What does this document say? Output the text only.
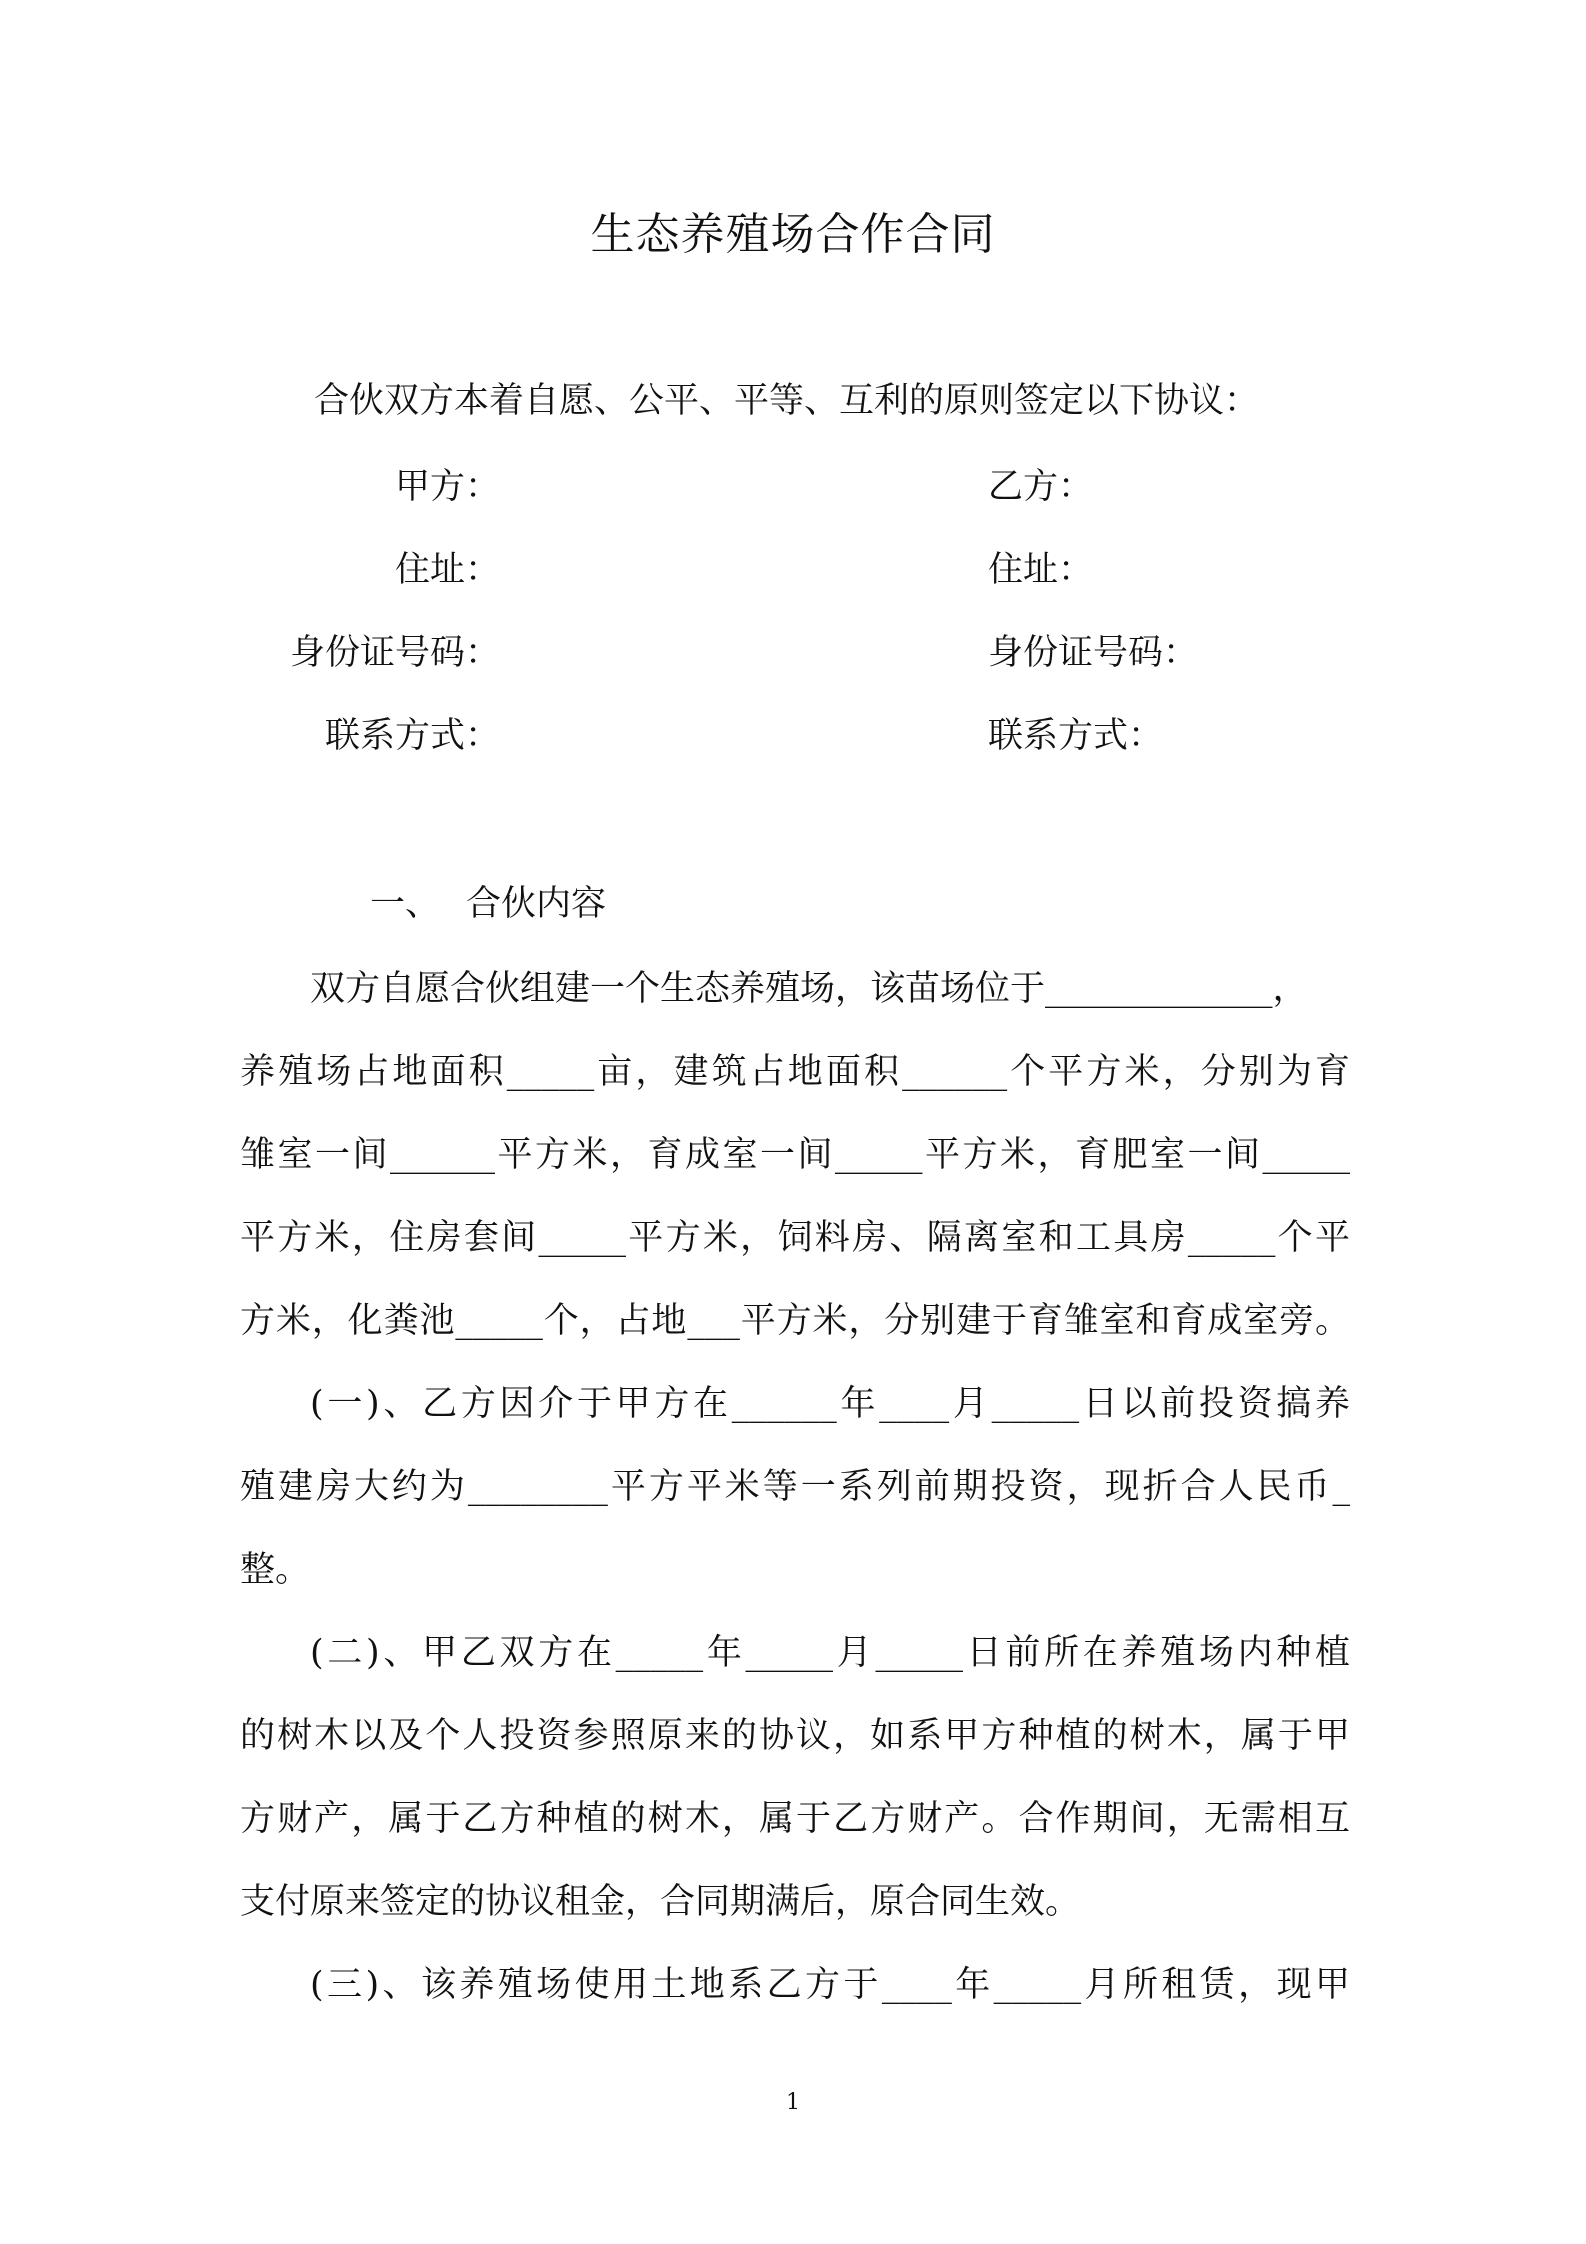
生态养殖场合作合同
合伙双方本着自愿、公平、平等、互利的原则签定以下协议：
甲方：
住址：
身份证号码：
联系方式：
乙方：
住址：
身份证号码：
联系方式：
一、 合伙内容
双方自愿合伙组建一个生态养殖场，该苗场位于_____________，
养殖场占地面积_____亩，建筑占地面积______个平方米，分别为育
雏室一间______平方米，育成室一间_____平方米，育肥室一间_____
平方米，住房套间_____平方米，饲料房、隔离室和工具房_____个平
方米，化粪池_____个，占地___平方米，分别建于育雏室和育成室旁。
(一)、乙方因介于甲方在______年____月_____日以前投资搞养
殖建房大约为________平方平米等一系列前期投资，现折合人民币_
整。
(二)、甲乙双方在_____年_____月_____日前所在养殖场内种植
的树木以及个人投资参照原来的协议，如系甲方种植的树木，属于甲
方财产，属于乙方种植的树木，属于乙方财产。合作期间，无需相互
支付原来签定的协议租金，合同期满后，原合同生效。
(三)、该养殖场使用土地系乙方于____年_____月所租赁，现甲
1
